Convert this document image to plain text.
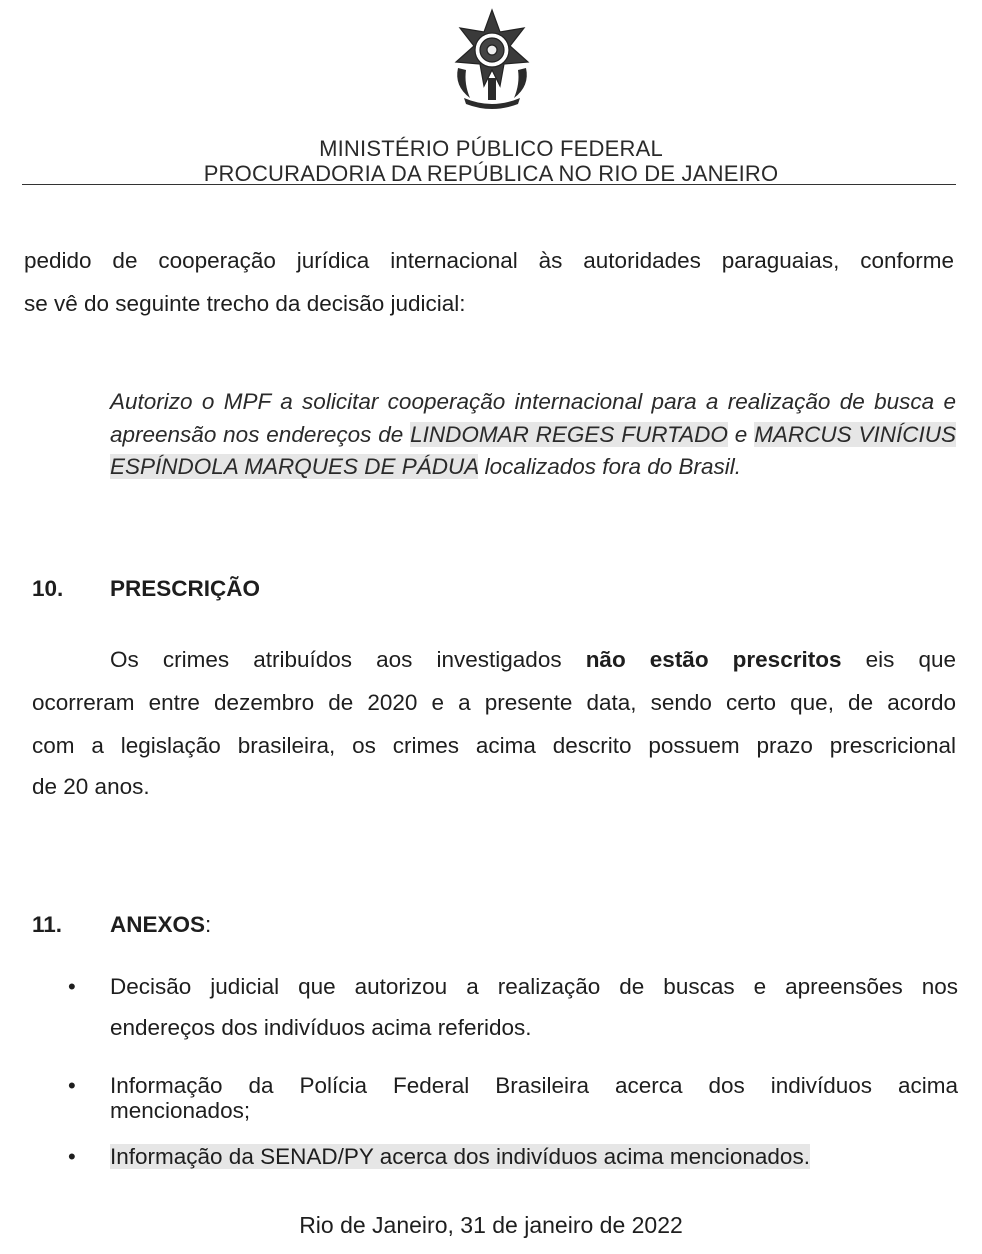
MINISTÉRIO PÚBLICO FEDERAL
PROCURADORIA DA REPÚBLICA NO RIO DE JANEIRO
pedido de cooperação jurídica internacional às autoridades paraguaias, conforme
se vê do seguinte trecho da decisão judicial:
Autorizo o MPF a solicitar cooperação internacional para a realização de busca e apreensão nos endereços de LINDOMAR REGES FURTADO e MARCUS VINÍCIUS ESPÍNDOLA MARQUES DE PÁDUA localizados fora do Brasil.
10. PRESCRIÇÃO
Os crimes atribuídos aos investigados não estão prescritos eis que
ocorreram entre dezembro de 2020 e a presente data, sendo certo que, de acordo
com a legislação brasileira, os crimes acima descrito possuem prazo prescricional
de 20 anos.
11. ANEXOS:
• Decisão judicial que autorizou a realização de buscas e apreensões nos
endereços dos indivíduos acima referidos.
• Informação da Polícia Federal Brasileira acerca dos indivíduos acima
mencionados;
• Informação da SENAD/PY acerca dos indivíduos acima mencionados.
Rio de Janeiro, 31 de janeiro de 2022
